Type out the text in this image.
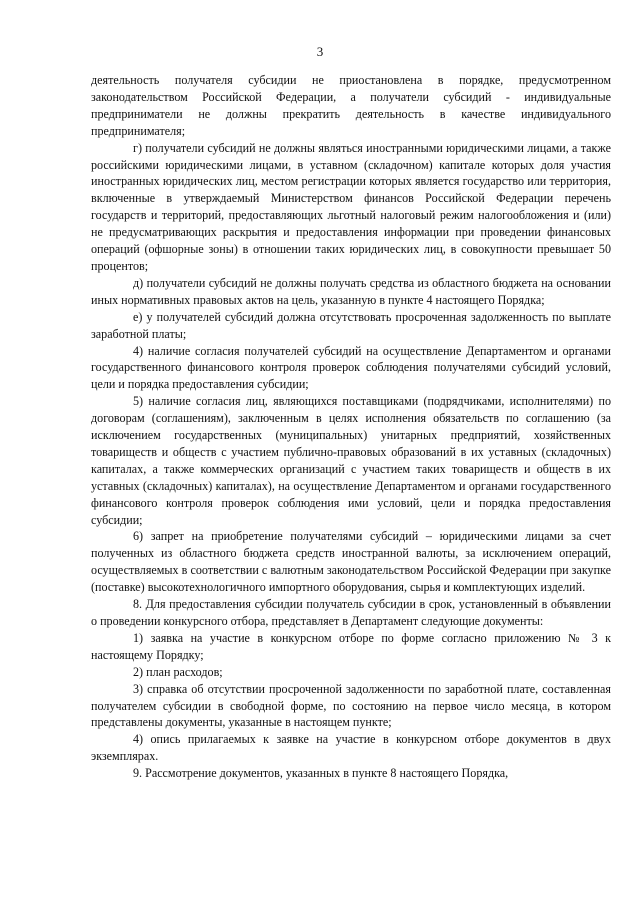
3

деятельность получателя субсидии не приостановлена в порядке, предусмотренном законодательством Российской Федерации, а получатели субсидий - индивидуальные предприниматели не должны прекратить деятельность в качестве индивидуального предпринимателя;

г) получатели субсидий не должны являться иностранными юридическими лицами, а также российскими юридическими лицами, в уставном (складочном) капитале которых доля участия иностранных юридических лиц, местом регистрации которых является государство или территория, включенные в утверждаемый Министерством финансов Российской Федерации перечень государств и территорий, предоставляющих льготный налоговый режим налогообложения и (или) не предусматривающих раскрытия и предоставления информации при проведении финансовых операций (офшорные зоны) в отношении таких юридических лиц, в совокупности превышает 50 процентов;

д) получатели субсидий не должны получать средства из областного бюджета на основании иных нормативных правовых актов на цель, указанную в пункте 4 настоящего Порядка;

е) у получателей субсидий должна отсутствовать просроченная задолженность по выплате заработной платы;

4) наличие согласия получателей субсидий на осуществление Департаментом и органами государственного финансового контроля проверок соблюдения получателями субсидий условий, цели и порядка предоставления субсидии;

5) наличие согласия лиц, являющихся поставщиками (подрядчиками, исполнителями) по договорам (соглашениям), заключенным в целях исполнения обязательств по соглашению (за исключением государственных (муниципальных) унитарных предприятий, хозяйственных товариществ и обществ с участием публично-правовых образований в их уставных (складочных) капиталах, а также коммерческих организаций с участием таких товариществ и обществ в их уставных (складочных) капиталах), на осуществление Департаментом и органами государственного финансового контроля проверок соблюдения ими условий, цели и порядка предоставления субсидии;

6) запрет на приобретение получателями субсидий – юридическими лицами за счет полученных из областного бюджета средств иностранной валюты, за исключением операций, осуществляемых в соответствии с валютным законодательством Российской Федерации при закупке (поставке) высокотехнологичного импортного оборудования, сырья и комплектующих изделий.

8. Для предоставления субсидии получатель субсидии в срок, установленный в объявлении о проведении конкурсного отбора, представляет в Департамент следующие документы:

1) заявка на участие в конкурсном отборе по форме согласно приложению № 3 к настоящему Порядку;

2) план расходов;

3) справка об отсутствии просроченной задолженности по заработной плате, составленная получателем субсидии в свободной форме, по состоянию на первое число месяца, в котором представлены документы, указанные в настоящем пункте;

4) опись прилагаемых к заявке на участие в конкурсном отборе документов в двух экземплярах.

9. Рассмотрение документов, указанных в пункте 8 настоящего Порядка,
